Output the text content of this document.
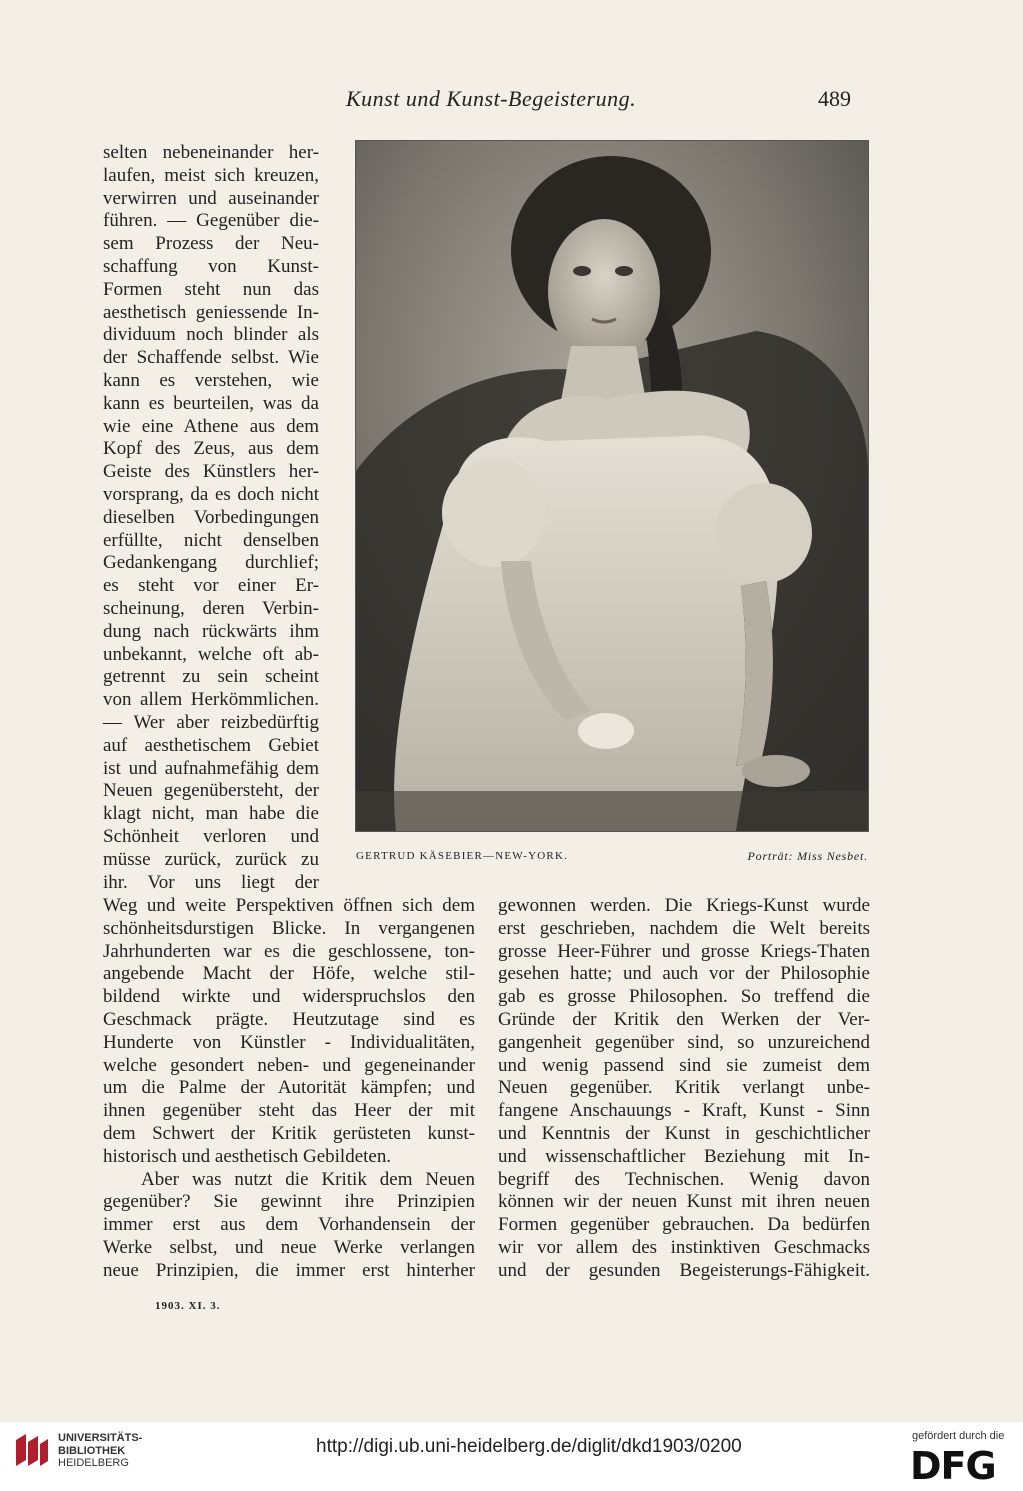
Kunst und Kunst-Begeisterung.	489
selten nebeneinander her-
laufen, meist sich kreuzen,
verwirren und auseinander
führen. — Gegenüber die-
sem Prozess der Neu-
schaffung von Kunst-
Formen steht nun das
aesthetisch geniessende In-
dividuum noch blinder als
der Schaffende selbst. Wie
kann es verstehen, wie
kann es beurteilen, was da
wie eine Athene aus dem
Kopf des Zeus, aus dem
Geiste des Künstlers her-
vorsprang, da es doch nicht
dieselben Vorbedingungen
erfüllte, nicht denselben
Gedankengang durchlief;
es steht vor einer Er-
scheinung, deren Verbin-
dung nach rückwärts ihm
unbekannt, welche oft ab-
getrennt zu sein scheint
von allem Herkömmlichen.
— Wer aber reizbedürftig
auf aesthetischem Gebiet
ist und aufnahmefähig dem
Neuen gegenübersteht, der
klagt nicht, man habe die
Schönheit verloren und
müsse zurück, zurück zu
ihr. Vor uns liegt der
GERTRUD KÄSEBIER—NEW-YORK.	Porträt: Miss Nesbet.
Weg und weite Perspektiven öffnen sich dem
schönheitsdurstigen Blicke. In vergangenen
Jahrhunderten war es die geschlossene, ton-
angebende Macht der Höfe, welche stil-
bildend wirkte und widerspruchslos den
Geschmack prägte. Heutzutage sind es
Hunderte von Künstler - Individualitäten,
welche gesondert neben- und gegeneinander
um die Palme der Autorität kämpfen; und
ihnen gegenüber steht das Heer der mit
dem Schwert der Kritik gerüsteten kunst-
historisch und aesthetisch Gebildeten.
Aber was nutzt die Kritik dem Neuen
gegenüber? Sie gewinnt ihre Prinzipien
immer erst aus dem Vorhandensein der
Werke selbst, und neue Werke verlangen
neue Prinzipien, die immer erst hinterher
gewonnen werden. Die Kriegs-Kunst wurde
erst geschrieben, nachdem die Welt bereits
grosse Heer-Führer und grosse Kriegs-Thaten
gesehen hatte; und auch vor der Philosophie
gab es grosse Philosophen. So treffend die
Gründe der Kritik den Werken der Ver-
gangenheit gegenüber sind, so unzureichend
und wenig passend sind sie zumeist dem
Neuen gegenüber. Kritik verlangt unbe-
fangene Anschauungs - Kraft, Kunst - Sinn
und Kenntnis der Kunst in geschichtlicher
und wissenschaftlicher Beziehung mit In-
begriff des Technischen. Wenig davon
können wir der neuen Kunst mit ihren neuen
Formen gegenüber gebrauchen. Da bedürfen
wir vor allem des instinktiven Geschmacks
und der gesunden Begeisterungs-Fähigkeit.
1903. XI. 3.
UNIVERSITÄTS-
BIBLIOTHEK
HEIDELBERG
http://digi.ub.uni-heidelberg.de/diglit/dkd1903/0200	gefördert durch die
DFG
